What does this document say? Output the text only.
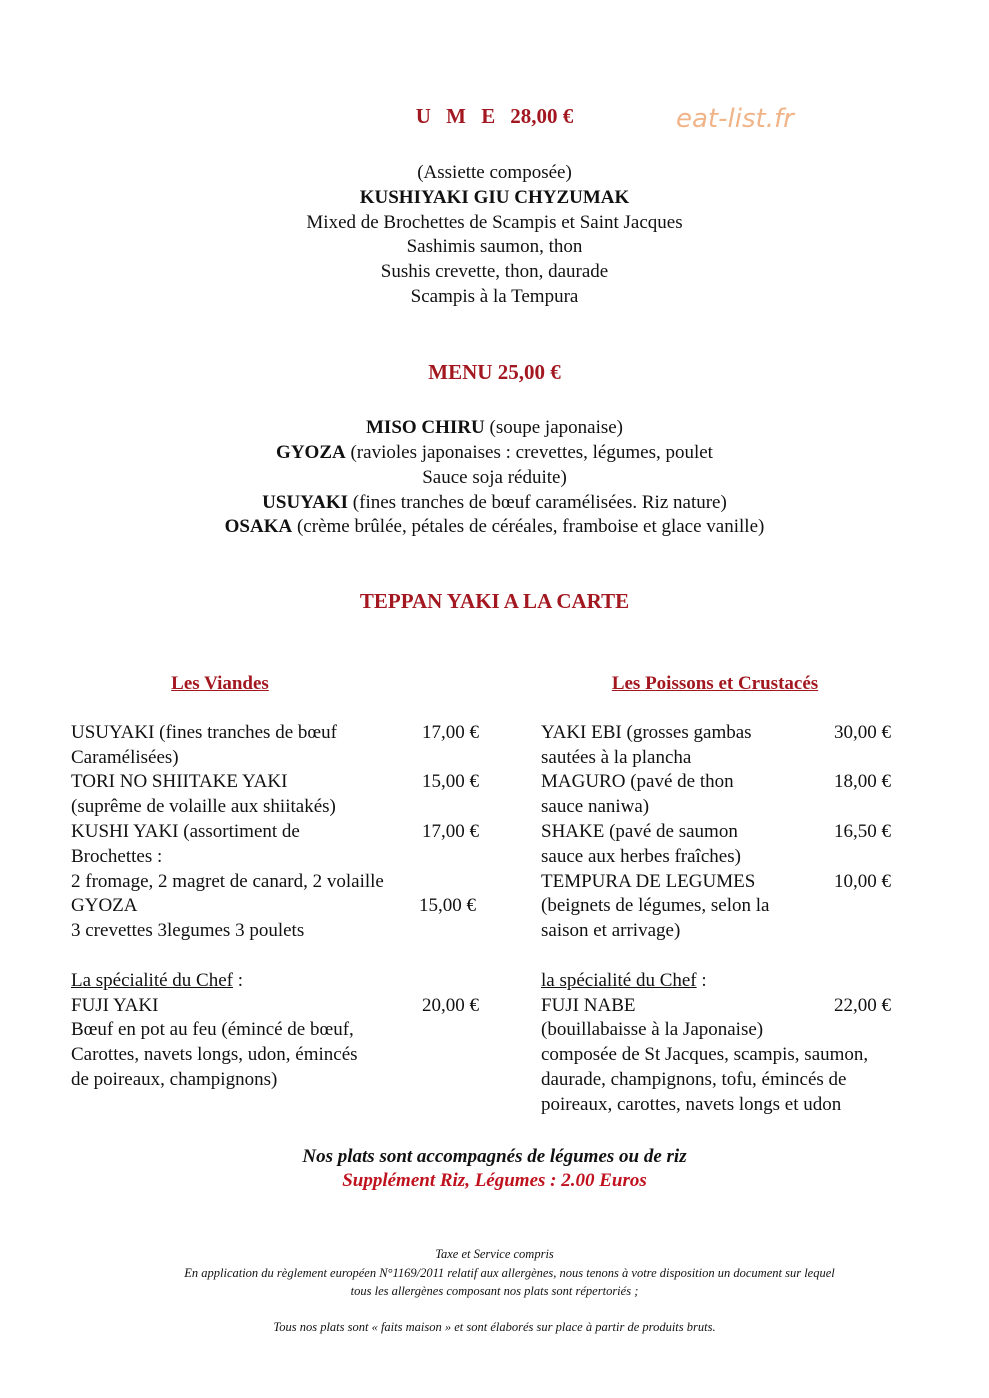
U M E 28,00 €	eat-list.fr
(Assiette composée)
KUSHIYAKI GIU CHYZUMAK
Mixed de Brochettes de Scampis et Saint Jacques
Sashimis saumon, thon
Sushis crevette, thon, daurade
Scampis à la Tempura
MENU 25,00 €
MISO CHIRU (soupe japonaise)
GYOZA (ravioles japonaises : crevettes, légumes, poulet
Sauce soja réduite)
USUYAKI (fines tranches de bœuf caramélisées. Riz nature)
OSAKA (crème brûlée, pétales de céréales, framboise et glace vanille)
TEPPAN YAKI A LA CARTE
Les Viandes	Les Poissons et Crustacés
USUYAKI (fines tranches de bœuf
Caramélisées)
TORI NO SHIITAKE YAKI
(suprême de volaille aux shiitakés)
KUSHI YAKI (assortiment de
Brochettes :
2 fromage, 2 magret de canard, 2 volaille
GYOZA
3 crevettes 3legumes 3 poulets
17,00 €
15,00 €
17,00 €
15,00 €
La spécialité du Chef :
FUJI YAKI
Bœuf en pot au feu (émincé de bœuf,
Carottes, navets longs, udon, émincés
de poireaux, champignons)
20,00 €
YAKI EBI (grosses gambas
sautées à la plancha
MAGURO (pavé de thon
sauce naniwa)
SHAKE (pavé de saumon
sauce aux herbes fraîches)
TEMPURA DE LEGUMES
(beignets de légumes, selon la
saison et arrivage)
30,00 €
18,00 €
16,50 €
10,00 €
la spécialité du Chef :
FUJI NABE
(bouillabaisse à la Japonaise)
composée de St Jacques, scampis, saumon,
daurade, champignons, tofu, émincés de
poireaux, carottes, navets longs et udon
22,00 €
Nos plats sont accompagnés de légumes ou de riz
Supplément Riz, Légumes : 2.00 Euros
Taxe et Service compris
En application du règlement européen N°1169/2011 relatif aux allergènes, nous tenons à votre disposition un document sur lequel
tous les allergènes composant nos plats sont répertoriés ;
Tous nos plats sont « faits maison » et sont élaborés sur place à partir de produits bruts.
